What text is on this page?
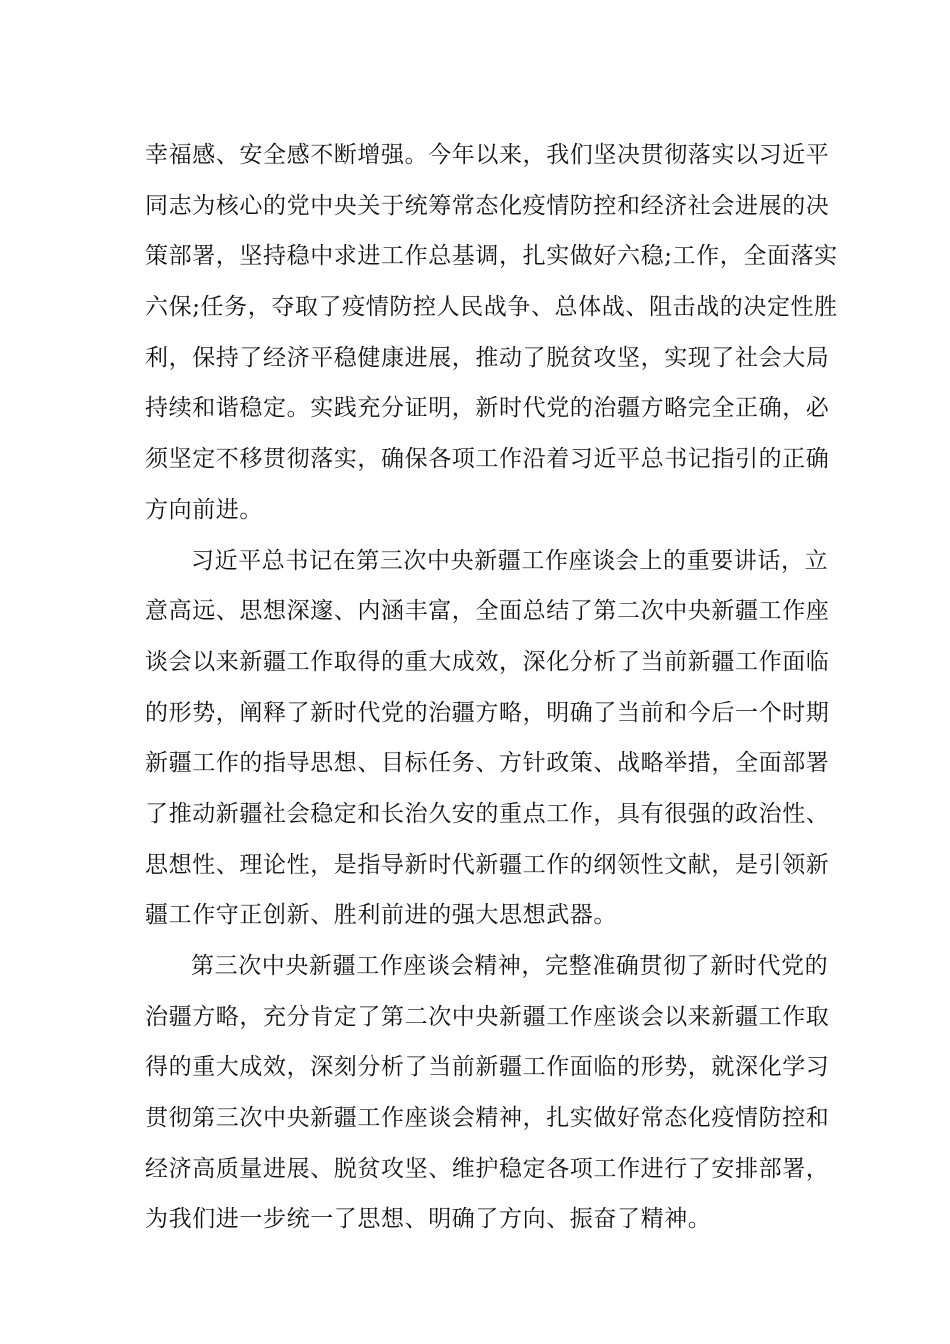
幸福感、安全感不断增强。今年以来，我们坚决贯彻落实以习近平
同志为核心的党中央关于统筹常态化疫情防控和经济社会进展的决
策部署，坚持稳中求进工作总基调，扎实做好六稳;工作，全面落实
六保;任务，夺取了疫情防控人民战争、总体战、阻击战的决定性胜
利，保持了经济平稳健康进展，推动了脱贫攻坚，实现了社会大局
持续和谐稳定。实践充分证明，新时代党的治疆方略完全正确，必
须坚定不移贯彻落实，确保各项工作沿着习近平总书记指引的正确
方向前进。
习近平总书记在第三次中央新疆工作座谈会上的重要讲话，立
意高远、思想深邃、内涵丰富，全面总结了第二次中央新疆工作座
谈会以来新疆工作取得的重大成效，深化分析了当前新疆工作面临
的形势，阐释了新时代党的治疆方略，明确了当前和今后一个时期
新疆工作的指导思想、目标任务、方针政策、战略举措，全面部署
了推动新疆社会稳定和长治久安的重点工作，具有很强的政治性、
思想性、理论性，是指导新时代新疆工作的纲领性文献，是引领新
疆工作守正创新、胜利前进的强大思想武器。
第三次中央新疆工作座谈会精神，完整准确贯彻了新时代党的
治疆方略，充分肯定了第二次中央新疆工作座谈会以来新疆工作取
得的重大成效，深刻分析了当前新疆工作面临的形势，就深化学习
贯彻第三次中央新疆工作座谈会精神，扎实做好常态化疫情防控和
经济高质量进展、脱贫攻坚、维护稳定各项工作进行了安排部署，
为我们进一步统一了思想、明确了方向、振奋了精神。
